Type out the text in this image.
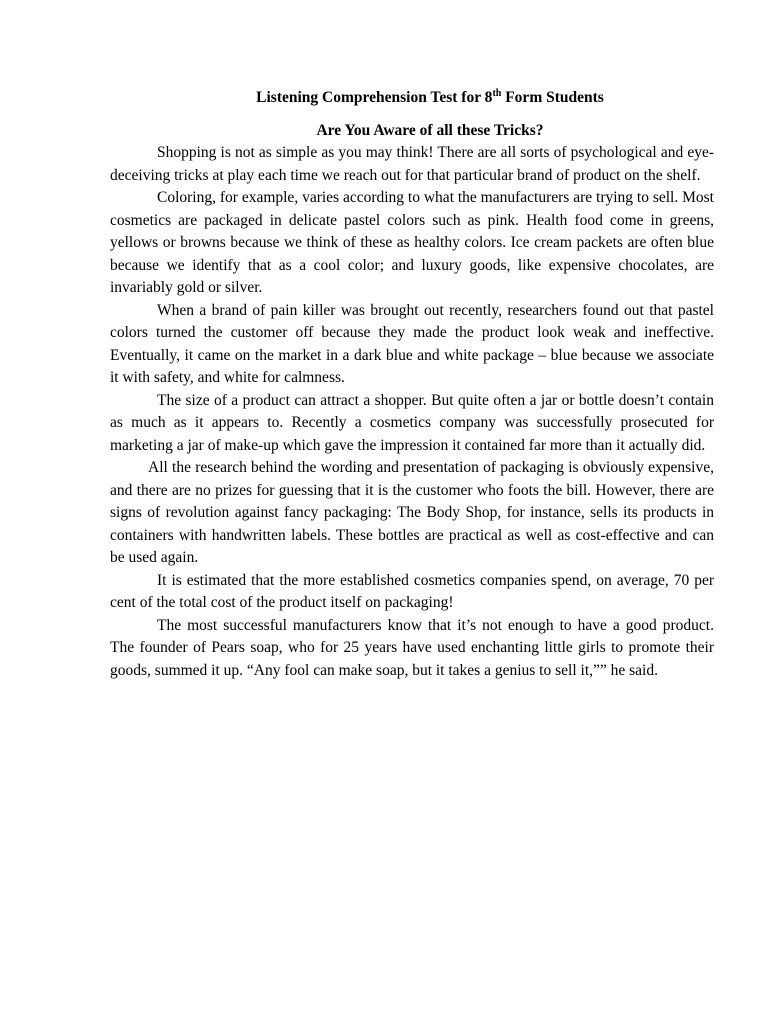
Listening Comprehension Test for 8th Form Students
Are You Aware of all these Tricks?

Shopping is not as simple as you may think! There are all sorts of psychological and eye-deceiving tricks at play each time we reach out for that particular brand of product on the shelf.

Coloring, for example, varies according to what the manufacturers are trying to sell. Most cosmetics are packaged in delicate pastel colors such as pink. Health food come in greens, yellows or browns because we think of these as healthy colors. Ice cream packets are often blue because we identify that as a cool color; and luxury goods, like expensive chocolates, are invariably gold or silver.

When a brand of pain killer was brought out recently, researchers found out that pastel colors turned the customer off because they made the product look weak and ineffective. Eventually, it came on the market in a dark blue and white package – blue because we associate it with safety, and white for calmness.

The size of a product can attract a shopper. But quite often a jar or bottle doesn’t contain as much as it appears to. Recently a cosmetics company was successfully prosecuted for marketing a jar of make-up which gave the impression it contained far more than it actually did.

All the research behind the wording and presentation of packaging is obviously expensive, and there are no prizes for guessing that it is the customer who foots the bill. However, there are signs of revolution against fancy packaging: The Body Shop, for instance, sells its products in containers with handwritten labels. These bottles are practical as well as cost-effective and can be used again.

It is estimated that the more established cosmetics companies spend, on average, 70 per cent of the total cost of the product itself on packaging!

The most successful manufacturers know that it’s not enough to have a good product. The founder of Pears soap, who for 25 years have used enchanting little girls to promote their goods, summed it up. “Any fool can make soap, but it takes a genius to sell it,”” he said.
